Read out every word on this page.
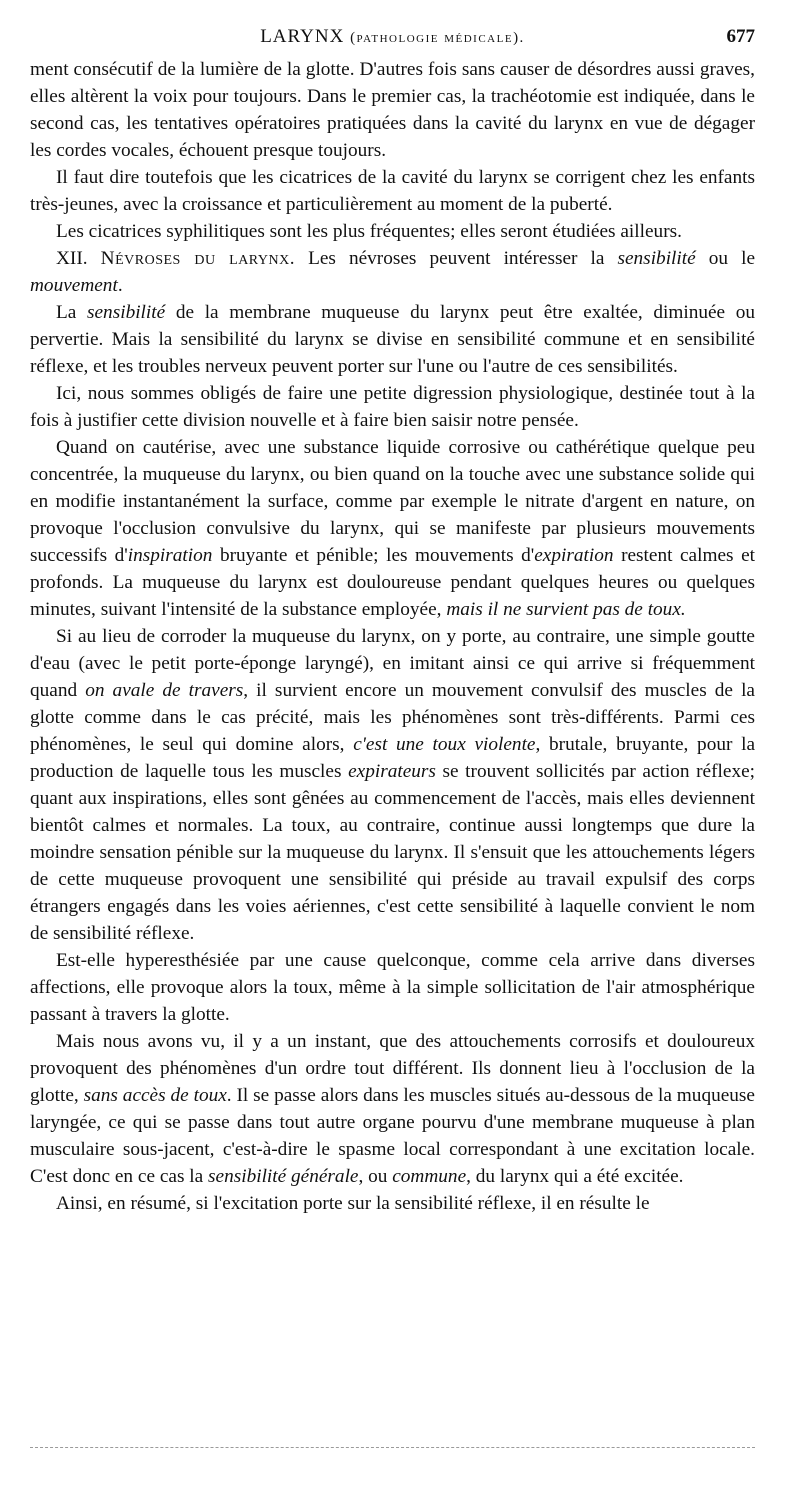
LARYNX (pathologie médicale).	677

ment consécutif de la lumière de la glotte. D'autres fois sans causer de désordres aussi graves, elles altèrent la voix pour toujours. Dans le premier cas, la trachéotomie est indiquée, dans le second cas, les tentatives opératoires pratiquées dans la cavité du larynx en vue de dégager les cordes vocales, échouent presque toujours.

Il faut dire toutefois que les cicatrices de la cavité du larynx se corrigent chez les enfants très-jeunes, avec la croissance et particulièrement au moment de la puberté.

Les cicatrices syphilitiques sont les plus fréquentes; elles seront étudiées ailleurs.

XII. Névroses du larynx. Les névroses peuvent intéresser la sensibilité ou le mouvement.

La sensibilité de la membrane muqueuse du larynx peut être exaltée, diminuée ou pervertie. Mais la sensibilité du larynx se divise en sensibilité commune et en sensibilité réflexe, et les troubles nerveux peuvent porter sur l'une ou l'autre de ces sensibilités.

Ici, nous sommes obligés de faire une petite digression physiologique, destinée tout à la fois à justifier cette division nouvelle et à faire bien saisir notre pensée.

Quand on cautérise, avec une substance liquide corrosive ou cathérétique quelque peu concentrée, la muqueuse du larynx, ou bien quand on la touche avec une substance solide qui en modifie instantanément la surface, comme par exemple le nitrate d'argent en nature, on provoque l'occlusion convulsive du larynx, qui se manifeste par plusieurs mouvements successifs d'inspiration bruyante et pénible; les mouvements d'expiration restent calmes et profonds. La muqueuse du larynx est douloureuse pendant quelques heures ou quelques minutes, suivant l'intensité de la substance employée, mais il ne survient pas de toux.

Si au lieu de corroder la muqueuse du larynx, on y porte, au contraire, une simple goutte d'eau (avec le petit porte-éponge laryngé), en imitant ainsi ce qui arrive si fréquemment quand on avale de travers, il survient encore un mouvement convulsif des muscles de la glotte comme dans le cas précité, mais les phénomènes sont très-différents. Parmi ces phénomènes, le seul qui domine alors, c'est une toux violente, brutale, bruyante, pour la production de laquelle tous les muscles expirateurs se trouvent sollicités par action réflexe; quant aux inspirations, elles sont gênées au commencement de l'accès, mais elles deviennent bientôt calmes et normales. La toux, au contraire, continue aussi longtemps que dure la moindre sensation pénible sur la muqueuse du larynx. Il s'ensuit que les attouchements légers de cette muqueuse provoquent une sensibilité qui préside au travail expulsif des corps étrangers engagés dans les voies aériennes, c'est cette sensibilité à laquelle convient le nom de sensibilité réflexe.

Est-elle hyperesthésiée par une cause quelconque, comme cela arrive dans diverses affections, elle provoque alors la toux, même à la simple sollicitation de l'air atmosphérique passant à travers la glotte.

Mais nous avons vu, il y a un instant, que des attouchements corrosifs et douloureux provoquent des phénomènes d'un ordre tout différent. Ils donnent lieu à l'occlusion de la glotte, sans accès de toux. Il se passe alors dans les muscles situés au-dessous de la muqueuse laryngée, ce qui se passe dans tout autre organe pourvu d'une membrane muqueuse à plan musculaire sous-jacent, c'est-à-dire le spasme local correspondant à une excitation locale. C'est donc en ce cas la sensibilité générale, ou commune, du larynx qui a été excitée.

Ainsi, en résumé, si l'excitation porte sur la sensibilité réflexe, il en résulte le
